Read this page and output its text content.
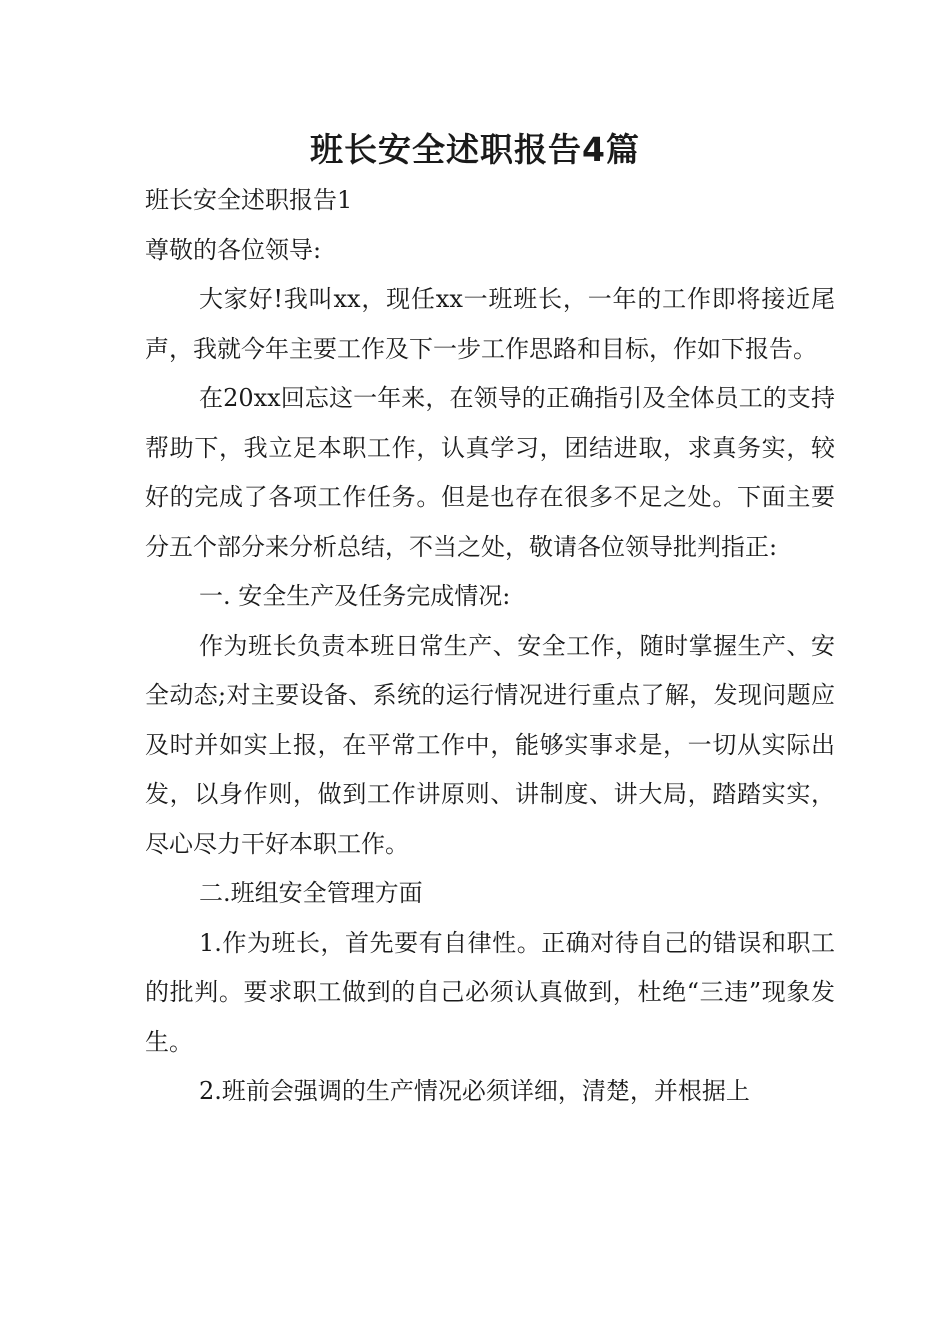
班长安全述职报告4篇

班长安全述职报告1

尊敬的各位领导:

大家好!我叫xx，现任xx一班班长，一年的工作即将接近尾声，我就今年主要工作及下一步工作思路和目标，作如下报告。

在20xx回忘这一年来，在领导的正确指引及全体员工的支持帮助下，我立足本职工作，认真学习，团结进取，求真务实，较好的完成了各项工作任务。但是也存在很多不足之处。下面主要分五个部分来分析总结，不当之处，敬请各位领导批判指正:

一. 安全生产及任务完成情况:

作为班长负责本班日常生产、安全工作，随时掌握生产、安全动态;对主要设备、系统的运行情况进行重点了解，发现问题应及时并如实上报，在平常工作中，能够实事求是，一切从实际出发，以身作则，做到工作讲原则、讲制度、讲大局，踏踏实实，尽心尽力干好本职工作。

二.班组安全管理方面

1.作为班长，首先要有自律性。正确对待自己的错误和职工的批判。要求职工做到的自己必须认真做到，杜绝“三违”现象发生。

2.班前会强调的生产情况必须详细，清楚，并根据上
